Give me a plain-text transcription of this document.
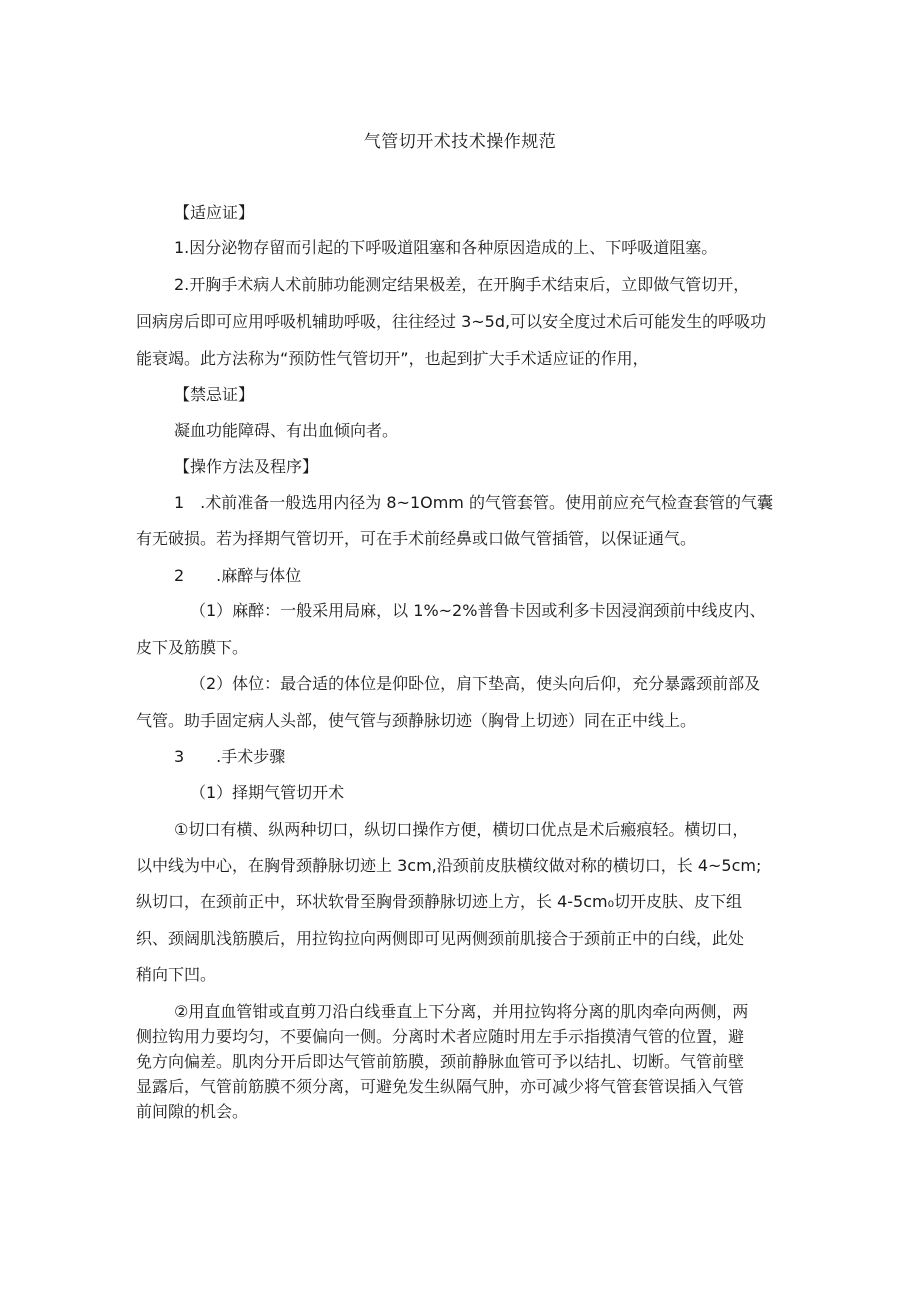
气管切开术技术操作规范
【适应证】
1.因分泌物存留而引起的下呼吸道阻塞和各种原因造成的上、下呼吸道阻塞。
2.开胸手术病人术前肺功能测定结果极差，在开胸手术结束后，立即做气管切开，
回病房后即可应用呼吸机辅助呼吸，往往经过 3~5d,可以安全度过术后可能发生的呼吸功
能衰竭。此方法称为“预防性气管切开”，也起到扩大手术适应证的作用，
【禁忌证】
凝血功能障碍、有出血倾向者。
【操作方法及程序】
1　.术前准备一般选用内径为 8~1Omm 的气管套管。使用前应充气检查套管的气囊
有无破损。若为择期气管切开，可在手术前经鼻或口做气管插管，以保证通气。
2　　.麻醉与体位
（1）麻醉：一般采用局麻，以 1%~2%普鲁卡因或利多卡因浸润颈前中线皮内、
皮下及筋膜下。
（2）体位：最合适的体位是仰卧位，肩下垫高，使头向后仰，充分暴露颈前部及
气管。助手固定病人头部，使气管与颈静脉切迹（胸骨上切迹）同在正中线上。
3　　.手术步骤
（1）择期气管切开术
①切口有横、纵两种切口，纵切口操作方便，横切口优点是术后瘢痕轻。横切口，
以中线为中心，在胸骨颈静脉切迹上 3cm,沿颈前皮肤横纹做对称的横切口，长 4~5cm;
纵切口，在颈前正中，环状软骨至胸骨颈静脉切迹上方，长 4-5cm₀切开皮肤、皮下组
织、颈阔肌浅筋膜后，用拉钩拉向两侧即可见两侧颈前肌接合于颈前正中的白线，此处
稍向下凹。
②用直血管钳或直剪刀沿白线垂直上下分离，并用拉钩将分离的肌肉牵向两侧，两
侧拉钩用力要均匀，不要偏向一侧。分离时术者应随时用左手示指摸清气管的位置，避
免方向偏差。肌肉分开后即达气管前筋膜，颈前静脉血管可予以结扎、切断。气管前壁
显露后，气管前筋膜不须分离，可避免发生纵隔气肿，亦可减少将气管套管误插入气管
前间隙的机会。
